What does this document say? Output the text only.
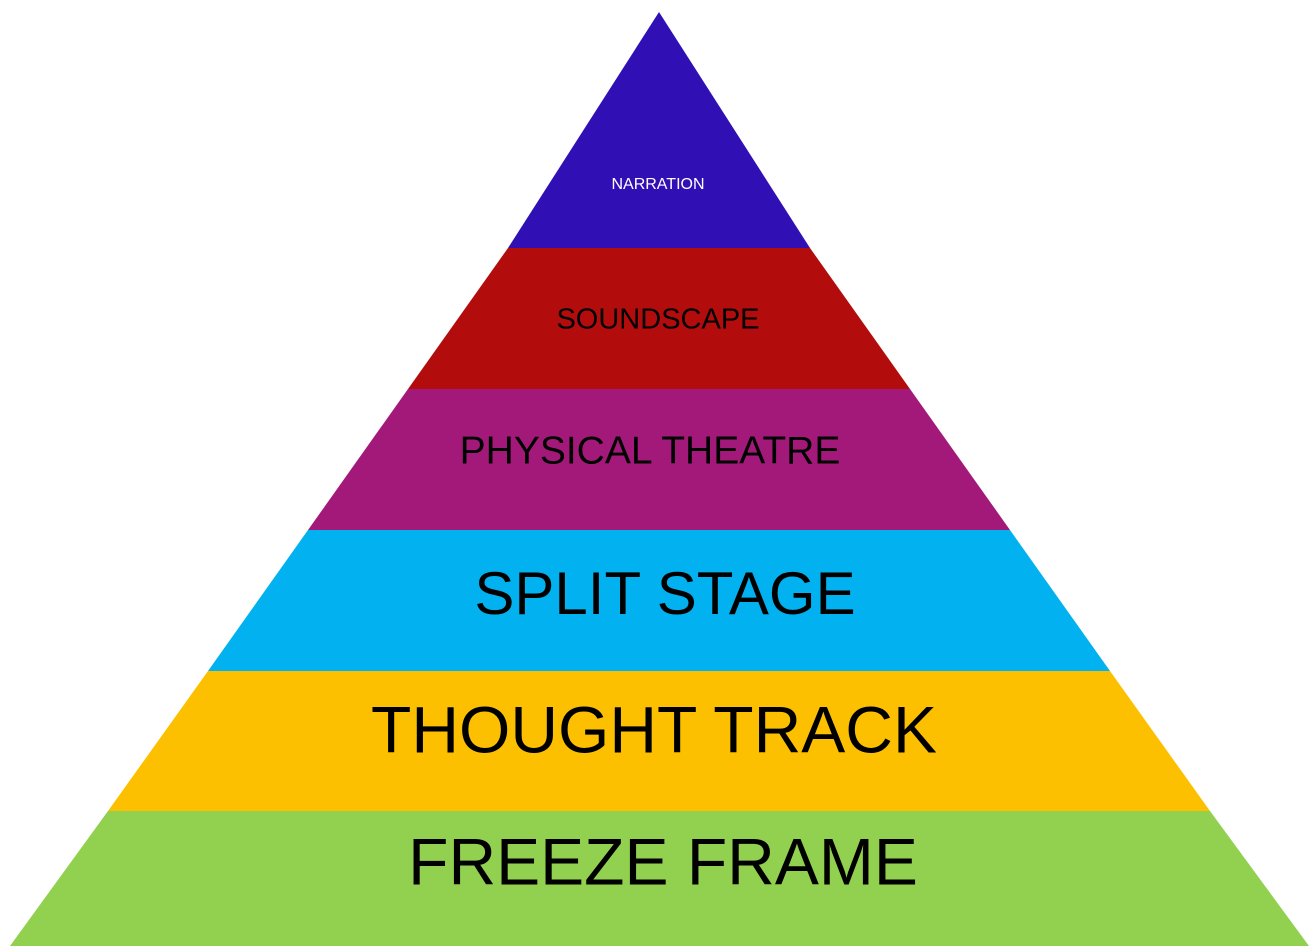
NARRATION
SOUNDSCAPE
PHYSICAL THEATRE
SPLIT STAGE
THOUGHT TRACK
FREEZE FRAME
